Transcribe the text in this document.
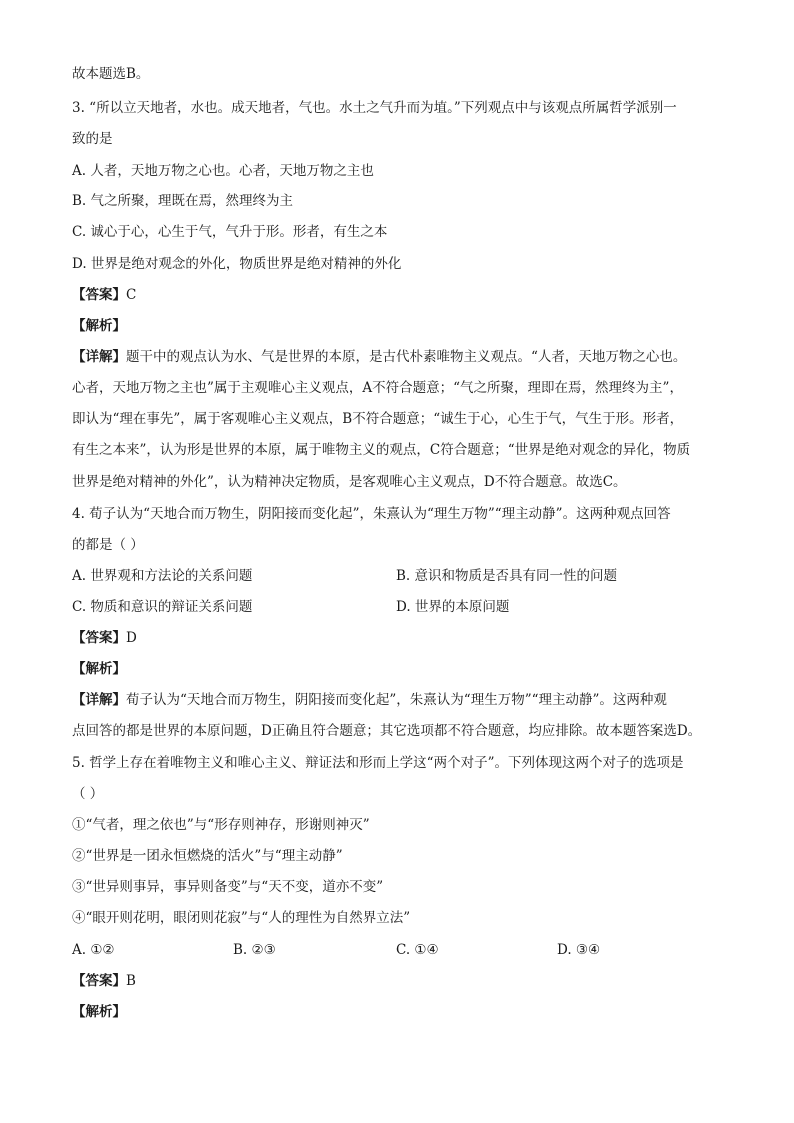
故本题选B。
3. “所以立天地者，水也。成天地者，气也。水土之气升而为埴。”下列观点中与该观点所属哲学派别一
致的是
A. 人者，天地万物之心也。心者，天地万物之主也
B. 气之所聚，理既在焉，然理终为主
C. 诚心于心，心生于气，气升于形。形者，有生之本
D. 世界是绝对观念的外化，物质世界是绝对精神的外化
【答案】C
【解析】
【详解】题干中的观点认为水、气是世界的本原，是古代朴素唯物主义观点。“人者，天地万物之心也。
心者，天地万物之主也”属于主观唯心主义观点，A不符合题意；“气之所聚，理即在焉，然理终为主”，
即认为“理在事先”，属于客观唯心主义观点，B不符合题意；“诚生于心，心生于气，气生于形。形者，
有生之本来”，认为形是世界的本原，属于唯物主义的观点，C符合题意；“世界是绝对观念的异化，物质
世界是绝对精神的外化”，认为精神决定物质，是客观唯心主义观点，D不符合题意。故选C。
4. 荀子认为“天地合而万物生，阴阳接而变化起”，朱熹认为“理生万物”“理主动静”。这两种观点回答
的都是（ ）
A. 世界观和方法论的关系问题	B. 意识和物质是否具有同一性的问题
C. 物质和意识的辩证关系问题	D. 世界的本原问题
【答案】D
【解析】
【详解】荀子认为“天地合而万物生，阴阳接而变化起”，朱熹认为“理生万物”“理主动静”。这两种观
点回答的都是世界的本原问题，D正确且符合题意；其它选项都不符合题意，均应排除。故本题答案选D。
5. 哲学上存在着唯物主义和唯心主义、辩证法和形而上学这“两个对子”。下列体现这两个对子的选项是
（ ）
①“气者，理之依也”与“形存则神存，形谢则神灭”
②“世界是一团永恒燃烧的活火”与“理主动静”
③“世异则事异，事异则备变”与“天不变，道亦不变”
④“眼开则花明，眼闭则花寂”与“人的理性为自然界立法”
A. ①②	B. ②③	C. ①④	D. ③④
【答案】B
【解析】
